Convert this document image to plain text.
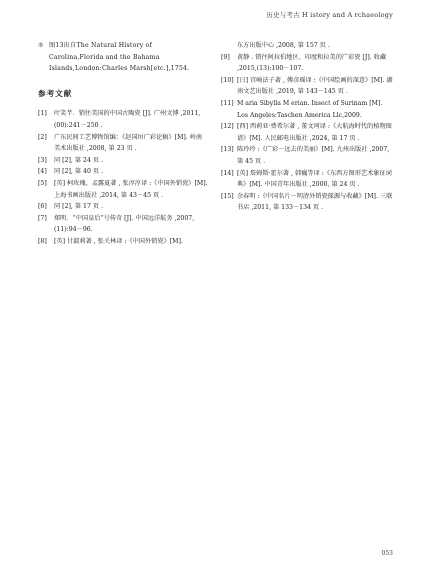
历史与考古 H istory and A rchaeology
⑤ 图13出自The Natural History of Carolina,Florida and the Bahama Islands,London:Charles Marsh[etc.],1754.
参考文献
[1]	叶笑芊．销往美国的中国古陶瓷 [J]. 广州文博 ,2011,(00):241－250 .
[2]	广东民间工艺博物馆编：《赵国垣广彩论稿》[M]. 岭南美术出版社 ,2008, 第 23 页 .
[3]	同 [2], 第 24 页 .
[4]	同 [2], 第 40 页 .
[5]	[英] 柯玫瑰、孟露夏著 , 张淳淳译 :《中国外销瓷》[M]. 上海书画出版社 ,2014, 第 43－45 页 .
[6]	同 [2], 第 17 页 .
[7]	郑明．“中国皇后”号传奇 [J]. 中国远洋航务 ,2007,(11):94－96.
[8]	[英] 甘淑莉著 , 张关林译 :《中国外销瓷》[M].
东方出版中心 ,2008, 第 157 页 .
[9]	黄静 . 销往阿拉伯地区、印度和拉美的广彩瓷 [J]. 收藏 ,2015,(13):100－107.
[10] [日] 宫崎法子著 , 傅彦瑶译 :《中国绘画的深意》[M]. 湖南文艺出版社 ,2019, 第 143－145 页 .
[11] M aria Sibylla M erian. Insect of Surinam [M]. Los Angeles:Taschen America Llc,2009.
[12] [西] 西莉亚·费希尔著 , 董文珂译 :《大航海时代的植物图谱》[M]. 人民邮电出版社 ,2024, 第 17 页 .
[13] 陈玲玲 :《广彩－远去的美丽》[M]. 九州出版社 ,2007, 第 45 页 .
[14] [英] 詹姆斯·霍尔著 , 韩巍等译 :《东西方图形艺术象征词典》[M]. 中国青年出版社 ,2000, 第 24 页 .
[15] 余春明 :《中国名片－明清外销瓷探源与收藏》[M]. 三联书店 ,2011, 第 133－134 页 .
053
